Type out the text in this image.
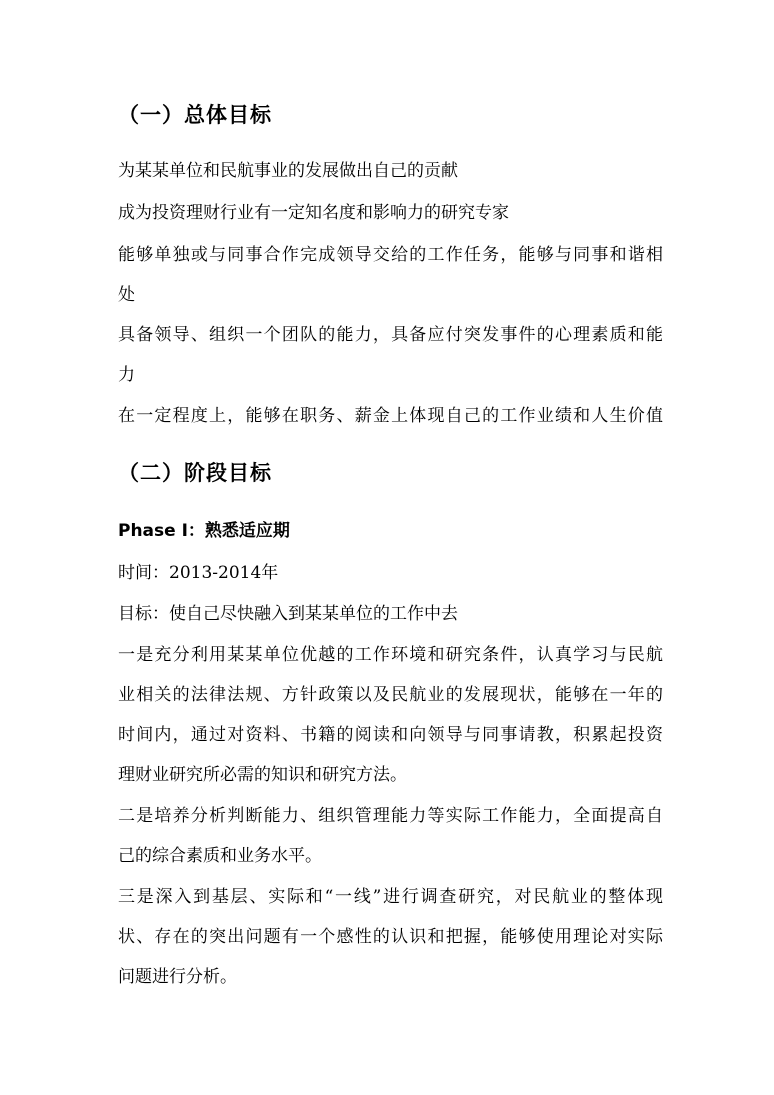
（一）总体目标
为某某单位和民航事业的发展做出自己的贡献
成为投资理财行业有一定知名度和影响力的研究专家
能够单独或与同事合作完成领导交给的工作任务，能够与同事和谐相
处
具备领导、组织一个团队的能力，具备应付突发事件的心理素质和能
力
在一定程度上，能够在职务、薪金上体现自己的工作业绩和人生价值
（二）阶段目标
Phase Ⅰ：熟悉适应期
时间：2013-2014年
目标：使自己尽快融入到某某单位的工作中去
一是充分利用某某单位优越的工作环境和研究条件，认真学习与民航
业相关的法律法规、方针政策以及民航业的发展现状，能够在一年的
时间内，通过对资料、书籍的阅读和向领导与同事请教，积累起投资
理财业研究所必需的知识和研究方法。
二是培养分析判断能力、组织管理能力等实际工作能力，全面提高自
己的综合素质和业务水平。
三是深入到基层、实际和“一线”进行调查研究，对民航业的整体现
状、存在的突出问题有一个感性的认识和把握，能够使用理论对实际
问题进行分析。
